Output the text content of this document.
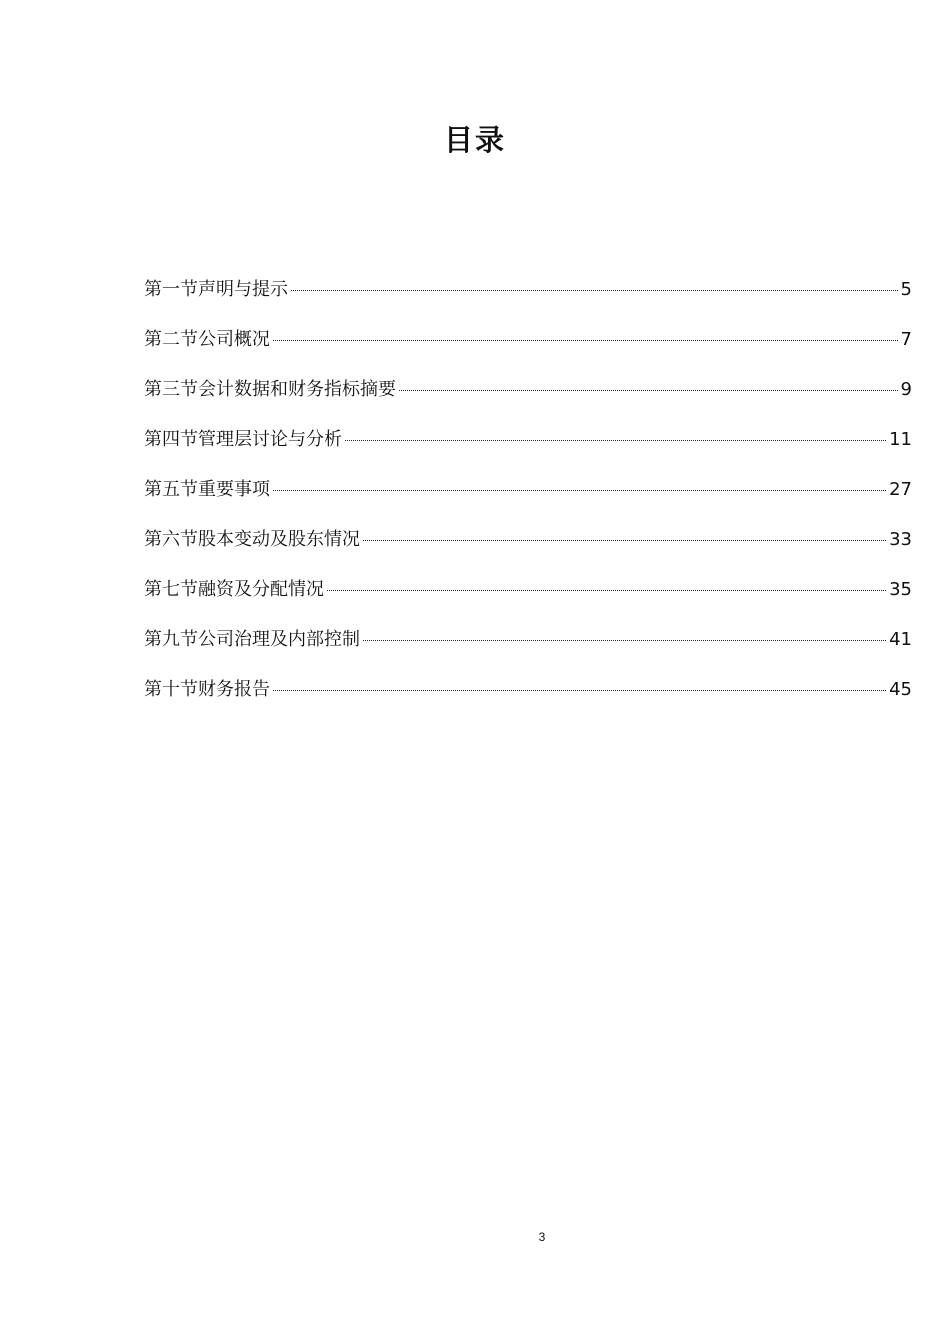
目录
第一节声明与提示	5
第二节公司概况	7
第三节会计数据和财务指标摘要	9
第四节管理层讨论与分析	11
第五节重要事项	27
第六节股本变动及股东情况	33
第七节融资及分配情况	35
第九节公司治理及内部控制	41
第十节财务报告	45
3
